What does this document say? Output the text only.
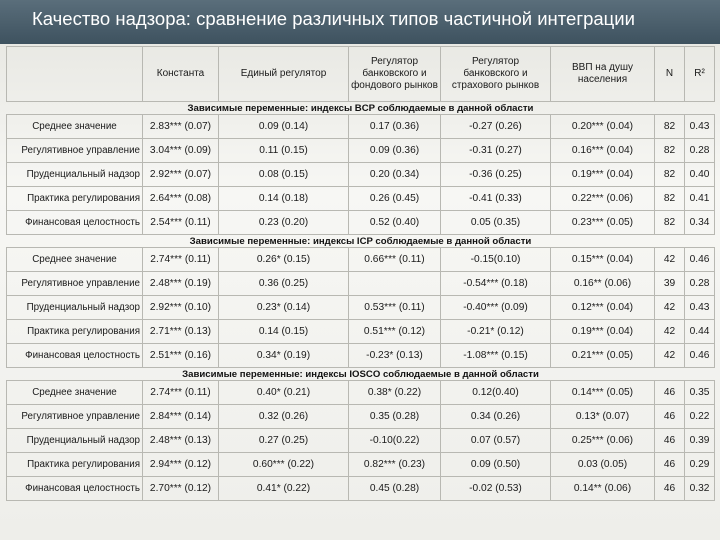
Качество надзора: сравнение различных типов частичной интеграции
	Константа	Единый регулятор	Регулятор банковского и фондового рынков	Регулятор банковского и страхового рынков	ВВП на душу населения	N	R²
Зависимые переменные: индексы BCP соблюдаемые в данной области							
Среднее значение	2.83*** (0.07)	0.09 (0.14)	0.17 (0.36)	-0.27 (0.26)	0.20*** (0.04)	82	0.43
Регулятивное управление	3.04*** (0.09)	0.11 (0.15)	0.09 (0.36)	-0.31 (0.27)	0.16*** (0.04)	82	0.28
Пруденциальный надзор	2.92*** (0.07)	0.08 (0.15)	0.20 (0.34)	-0.36 (0.25)	0.19*** (0.04)	82	0.40
Практика регулирования	2.64*** (0.08)	0.14 (0.18)	0.26 (0.45)	-0.41 (0.33)	0.22*** (0.06)	82	0.41
Финансовая целостность	2.54*** (0.11)	0.23 (0.20)	0.52 (0.40)	0.05 (0.35)	0.23*** (0.05)	82	0.34
Зависимые переменные: индексы ICP соблюдаемые в данной области							
Среднее значение	2.74*** (0.11)	0.26* (0.15)	0.66*** (0.11)	-0.15(0.10)	0.15*** (0.04)	42	0.46
Регулятивное управление	2.48*** (0.19)	0.36 (0.25)		-0.54*** (0.18)	0.16** (0.06)	39	0.28
Пруденциальный надзор	2.92*** (0.10)	0.23* (0.14)	0.53*** (0.11)	-0.40*** (0.09)	0.12*** (0.04)	42	0.43
Практика регулирования	2.71*** (0.13)	0.14 (0.15)	0.51*** (0.12)	-0.21* (0.12)	0.19*** (0.04)	42	0.44
Финансовая целостность	2.51*** (0.16)	0.34* (0.19)	-0.23* (0.13)	-1.08*** (0.15)	0.21*** (0.05)	42	0.46
Зависимые переменные: индексы IOSCO соблюдаемые в данной области							
Среднее значение	2.74*** (0.11)	0.40* (0.21)	0.38* (0.22)	0.12(0.40)	0.14*** (0.05)	46	0.35
Регулятивное управление	2.84*** (0.14)	0.32 (0.26)	0.35 (0.28)	0.34 (0.26)	0.13* (0.07)	46	0.22
Пруденциальный надзор	2.48*** (0.13)	0.27 (0.25)	-0.10(0.22)	0.07 (0.57)	0.25*** (0.06)	46	0.39
Практика регулирования	2.94*** (0.12)	0.60*** (0.22)	0.82*** (0.23)	0.09 (0.50)	0.03 (0.05)	46	0.29
Финансовая целостность	2.70*** (0.12)	0.41* (0.22)	0.45 (0.28)	-0.02 (0.53)	0.14** (0.06)	46	0.32
